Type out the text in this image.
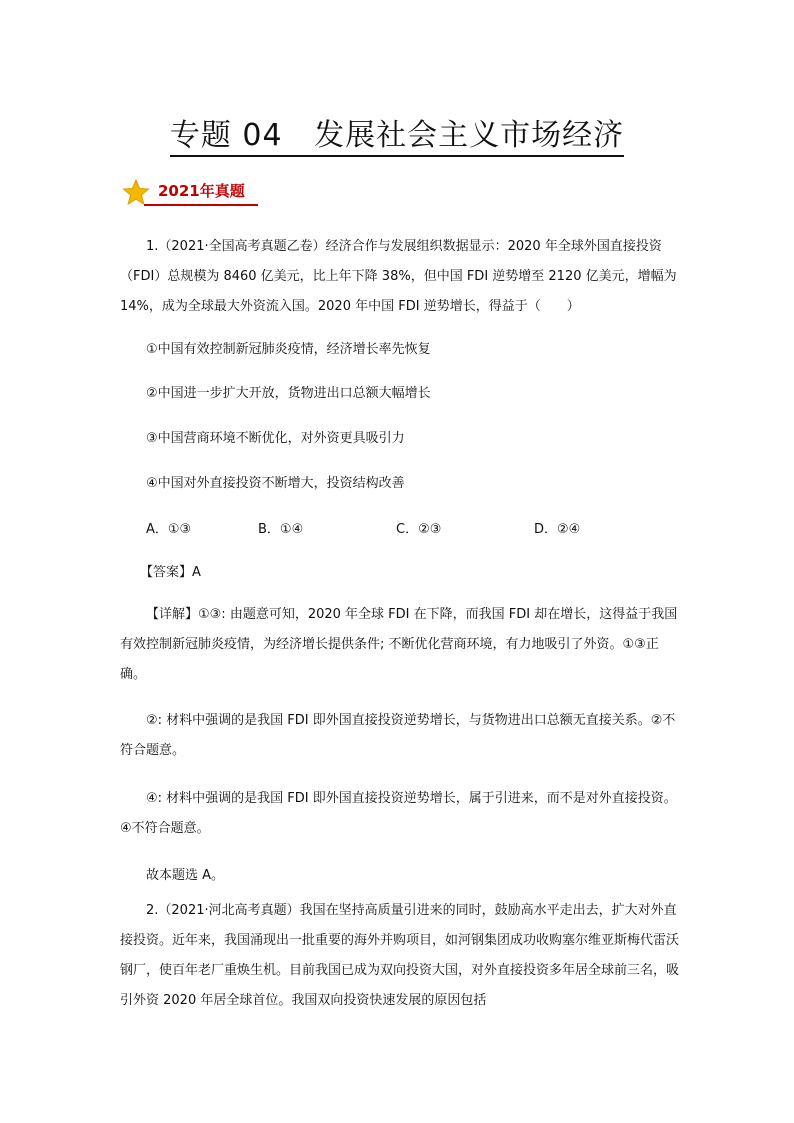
专题 04 发展社会主义市场经济
2021年真题

1.（2021·全国高考真题乙卷）经济合作与发展组织数据显示：2020 年全球外国直接投资（FDI）总规模为 8460 亿美元，比上年下降 38%，但中国 FDI 逆势增至 2120 亿美元，增幅为 14%，成为全球最大外资流入国。2020 年中国 FDI 逆势增长，得益于（　　）

①中国有效控制新冠肺炎疫情，经济增长率先恢复

②中国进一步扩大开放，货物进出口总额大幅增长

③中国营商环境不断优化，对外资更具吸引力

④中国对外直接投资不断增大，投资结构改善

A．①③	B．①④	C．②③	D．②④

【答案】A

【详解】①③: 由题意可知，2020 年全球 FDI 在下降，而我国 FDI 却在增长，这得益于我国有效控制新冠肺炎疫情，为经济增长提供条件; 不断优化营商环境，有力地吸引了外资。①③正确。

②: 材料中强调的是我国 FDI 即外国直接投资逆势增长，与货物进出口总额无直接关系。②不符合题意。

④: 材料中强调的是我国 FDI 即外国直接投资逆势增长，属于引进来，而不是对外直接投资。④不符合题意。

故本题选 A。

2.（2021·河北高考真题）我国在坚持高质量引进来的同时，鼓励高水平走出去，扩大对外直接投资。近年来，我国涌现出一批重要的海外并购项目，如河钢集团成功收购塞尔维亚斯梅代雷沃钢厂，使百年老厂重焕生机。目前我国已成为双向投资大国，对外直接投资多年居全球前三名，吸引外资 2020 年居全球首位。我国双向投资快速发展的原因包括
